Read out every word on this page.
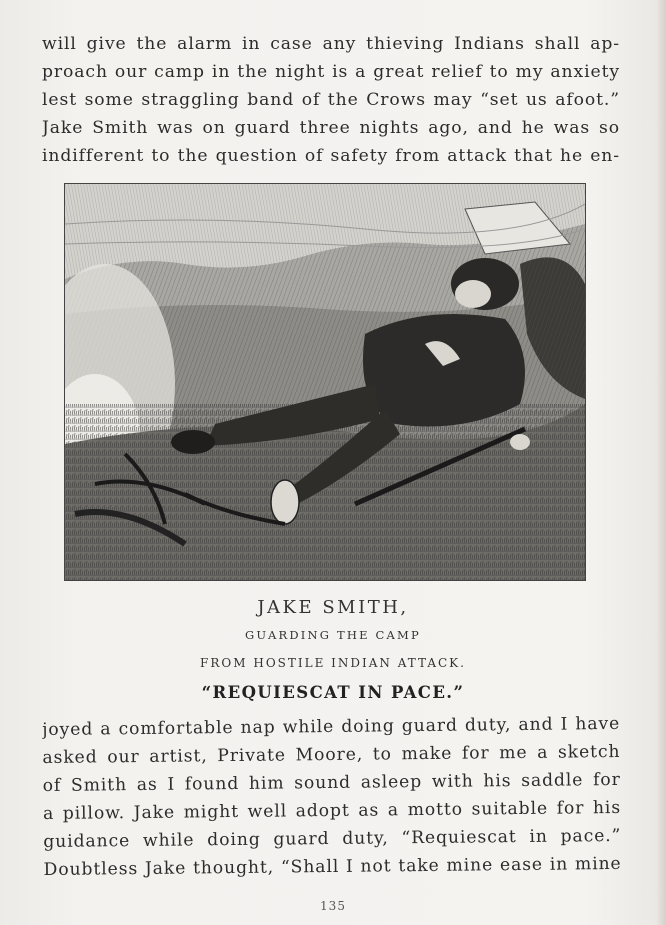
will give the alarm in case any thieving Indians shall ap-
proach our camp in the night is a great relief to my anxiety
lest some straggling band of the Crows may “set us afoot.”
Jake Smith was on guard three nights ago, and he was so
indifferent to the question of safety from attack that he en-
JAKE SMITH,
GUARDING THE CAMP
FROM HOSTILE INDIAN ATTACK.
“REQUIESCAT IN PACE.”
joyed a comfortable nap while doing guard duty, and I have
asked our artist, Private Moore, to make for me a sketch
of Smith as I found him sound asleep with his saddle for
a pillow. Jake might well adopt as a motto suitable for his
guidance while doing guard duty, “Requiescat in pace.”
Doubtless Jake thought, “Shall I not take mine ease in mine
135
